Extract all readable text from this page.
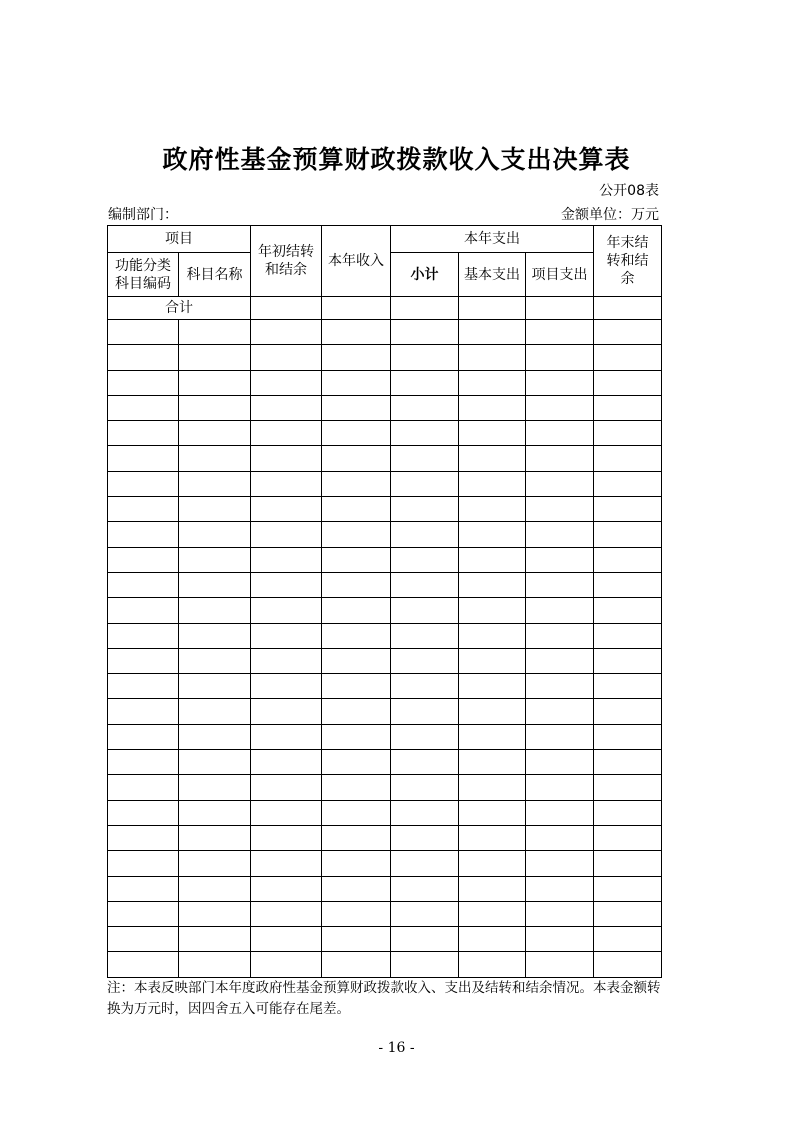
政府性基金预算财政拨款收入支出决算表
公开08表
编制部门：	金额单位：万元
项目		年初结转和结余	本年收入	本年支出			年末结转和结余
功能分类科目编码	科目名称			小计	基本支出	项目支出	
合计							

注：本表反映部门本年度政府性基金预算财政拨款收入、支出及结转和结余情况。本表金额转换为万元时，因四舍五入可能存在尾差。
- 16 -
